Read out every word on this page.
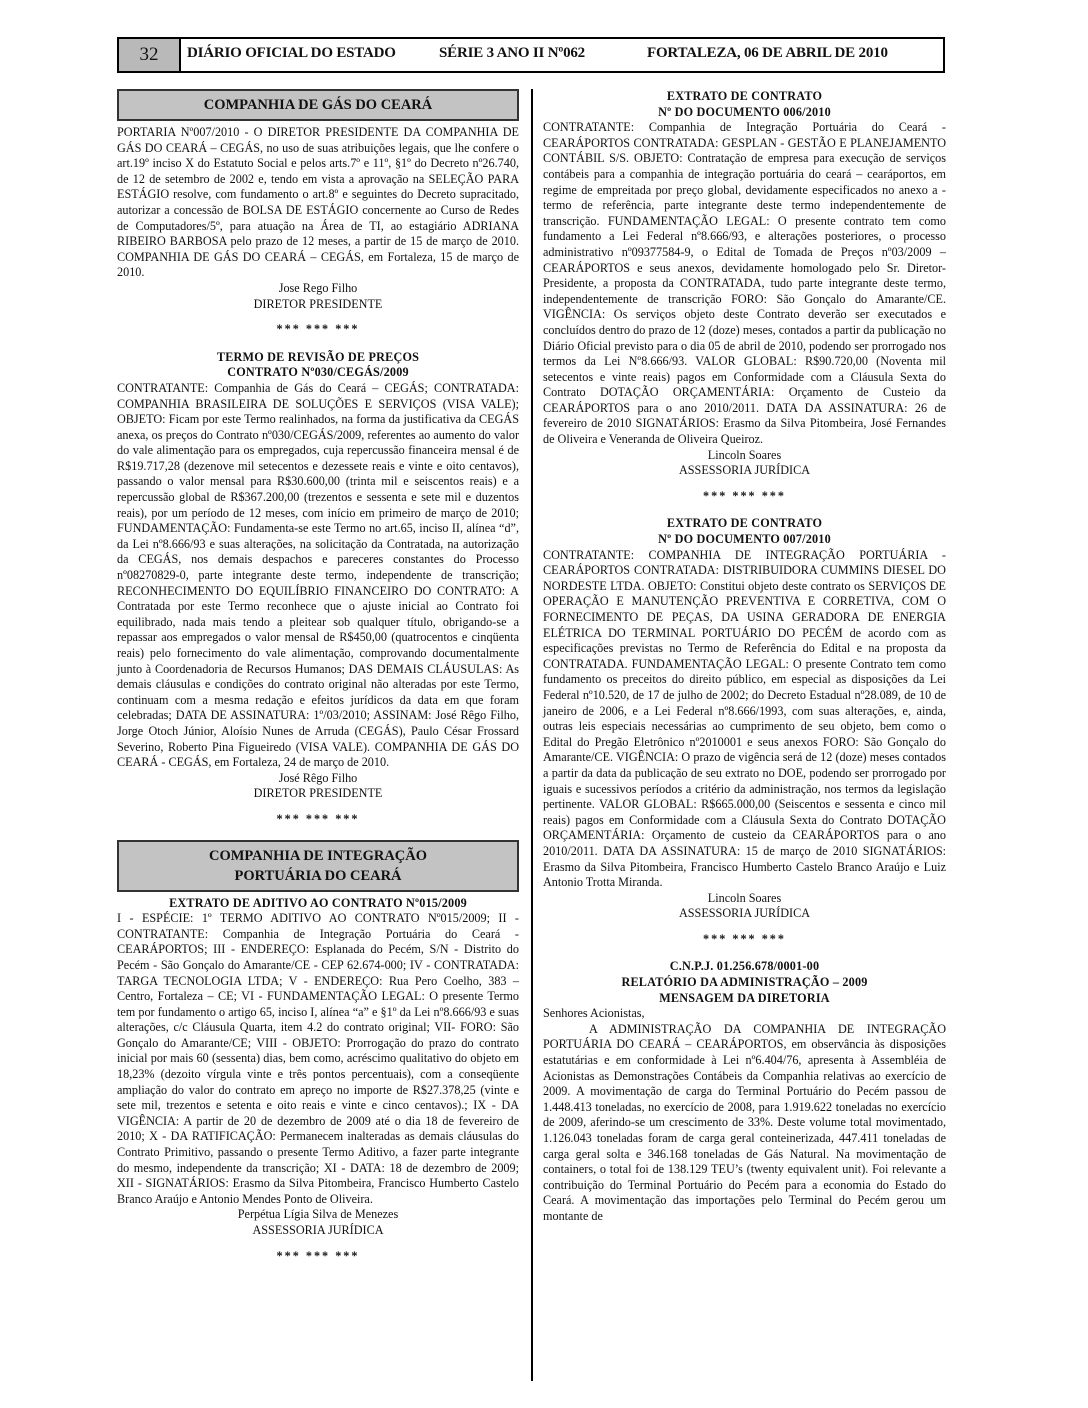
32	DIÁRIO OFICIAL DO ESTADO	SÉRIE 3 ANO II Nº062	FORTALEZA, 06 DE ABRIL DE 2010
COMPANHIA DE GÁS DO CEARÁ

PORTARIA Nº007/2010 - O DIRETOR PRESIDENTE DA COMPANHIA DE GÁS DO CEARÁ – CEGÁS, no uso de suas atribuições legais, que lhe confere o art.19º inciso X do Estatuto Social e pelos arts.7º e 11º, §1º do Decreto nº26.740, de 12 de setembro de 2002 e, tendo em vista a aprovação na SELEÇÃO PARA ESTÁGIO resolve, com fundamento o art.8º e seguintes do Decreto supracitado, autorizar a concessão de BOLSA DE ESTÁGIO concernente ao Curso de Redes de Computadores/5º, para atuação na Área de TI, ao estagiário ADRIANA RIBEIRO BARBOSA pelo prazo de 12 meses, a partir de 15 de março de 2010. COMPANHIA DE GÁS DO CEARÁ – CEGÁS, em Fortaleza, 15 de março de 2010.

Jose Rego Filho

DIRETOR PRESIDENTE

*** *** ***

TERMO DE REVISÃO DE PREÇOS

CONTRATO Nº030/CEGÁS/2009

CONTRATANTE: Companhia de Gás do Ceará – CEGÁS; CONTRATADA: COMPANHIA BRASILEIRA DE SOLUÇÕES E SERVIÇOS (VISA VALE); OBJETO: Ficam por este Termo realinhados, na forma da justificativa da CEGÁS anexa, os preços do Contrato nº030/CEGÁS/2009, referentes ao aumento do valor do vale alimentação para os empregados, cuja repercussão financeira mensal é de R$19.717,28 (dezenove mil setecentos e dezessete reais e vinte e oito centavos), passando o valor mensal para R$30.600,00 (trinta mil e seiscentos reais) e a repercussão global de R$367.200,00 (trezentos e sessenta e sete mil e duzentos reais), por um período de 12 meses, com início em primeiro de março de 2010; FUNDAMENTAÇÃO: Fundamenta-se este Termo no art.65, inciso II, alínea “d”, da Lei nº8.666/93 e suas alterações, na solicitação da Contratada, na autorização da CEGÁS, nos demais despachos e pareceres constantes do Processo nº08270829-0, parte integrante deste termo, independente de transcrição; RECONHECIMENTO DO EQUILÍBRIO FINANCEIRO DO CONTRATO: A Contratada por este Termo reconhece que o ajuste inicial ao Contrato foi equilibrado, nada mais tendo a pleitear sob qualquer título, obrigando-se a repassar aos empregados o valor mensal de R$450,00 (quatrocentos e cinqüenta reais) pelo fornecimento do vale alimentação, comprovando documentalmente junto à Coordenadoria de Recursos Humanos; DAS DEMAIS CLÁUSULAS: As demais cláusulas e condições do contrato original não alteradas por este Termo, continuam com a mesma redação e efeitos jurídicos da data em que foram celebradas; DATA DE ASSINATURA: 1º/03/2010; ASSINAM: José Rêgo Filho, Jorge Otoch Júnior, Aloísio Nunes de Arruda (CEGÁS), Paulo César Frossard Severino, Roberto Pina Figueiredo (VISA VALE). COMPANHIA DE GÁS DO CEARÁ - CEGÁS, em Fortaleza, 24 de março de 2010.

José Rêgo Filho

DIRETOR PRESIDENTE

*** *** ***
COMPANHIA DE INTEGRAÇÃO
PORTUÁRIA DO CEARÁ

EXTRATO DE ADITIVO AO CONTRATO Nº015/2009

I - ESPÉCIE: 1º TERMO ADITIVO AO CONTRATO Nº015/2009; II - CONTRATANTE: Companhia de Integração Portuária do Ceará - CEARÁPORTOS; III - ENDEREÇO: Esplanada do Pecém, S/N - Distrito do Pecém - São Gonçalo do Amarante/CE - CEP 62.674-000; IV - CONTRATADA: TARGA TECNOLOGIA LTDA; V - ENDEREÇO: Rua Pero Coelho, 383 – Centro, Fortaleza – CE; VI - FUNDAMENTAÇÃO LEGAL: O presente Termo tem por fundamento o artigo 65, inciso I, alínea “a” e §1º da Lei nº8.666/93 e suas alterações, c/c Cláusula Quarta, item 4.2 do contrato original; VII- FORO: São Gonçalo do Amarante/CE; VIII - OBJETO: Prorrogação do prazo do contrato inicial por mais 60 (sessenta) dias, bem como, acréscimo qualitativo do objeto em 18,23% (dezoito vírgula vinte e três pontos percentuais), com a conseqüente ampliação do valor do contrato em apreço no importe de R$27.378,25 (vinte e sete mil, trezentos e setenta e oito reais e vinte e cinco centavos).; IX - DA VIGÊNCIA: A partir de 20 de dezembro de 2009 até o dia 18 de fevereiro de 2010; X - DA RATIFICAÇÃO: Permanecem inalteradas as demais cláusulas do Contrato Primitivo, passando o presente Termo Aditivo, a fazer parte integrante do mesmo, independente da transcrição; XI - DATA: 18 de dezembro de 2009; XII - SIGNATÁRIOS: Erasmo da Silva Pitombeira, Francisco Humberto Castelo Branco Araújo e Antonio Mendes Ponto de Oliveira.

Perpétua Lígia Silva de Menezes

ASSESSORIA JURÍDICA

*** *** ***

EXTRATO DE CONTRATO

Nº DO DOCUMENTO 006/2010

CONTRATANTE: Companhia de Integração Portuária do Ceará - CEARÁPORTOS CONTRATADA: GESPLAN - GESTÃO E PLANEJAMENTO CONTÁBIL S/S. OBJETO: Contratação de empresa para execução de serviços contábeis para a companhia de integração portuária do ceará – cearáportos, em regime de empreitada por preço global, devidamente especificados no anexo a - termo de referência, parte integrante deste termo independentemente de transcrição. FUNDAMENTAÇÃO LEGAL: O presente contrato tem como fundamento a Lei Federal nº8.666/93, e alterações posteriores, o processo administrativo nº09377584-9, o Edital de Tomada de Preços nº03/2009 – CEARÁPORTOS e seus anexos, devidamente homologado pelo Sr. Diretor-Presidente, a proposta da CONTRATADA, tudo parte integrante deste termo, independentemente de transcrição FORO: São Gonçalo do Amarante/CE. VIGÊNCIA: Os serviços objeto deste Contrato deverão ser executados e concluídos dentro do prazo de 12 (doze) meses, contados a partir da publicação no Diário Oficial previsto para o dia 05 de abril de 2010, podendo ser prorrogado nos termos da Lei Nº8.666/93. VALOR GLOBAL: R$90.720,00 (Noventa mil setecentos e vinte reais) pagos em Conformidade com a Cláusula Sexta do Contrato DOTAÇÃO ORÇAMENTÁRIA: Orçamento de Custeio da CEARÁPORTOS para o ano 2010/2011. DATA DA ASSINATURA: 26 de fevereiro de 2010 SIGNATÁRIOS: Erasmo da Silva Pitombeira, José Fernandes de Oliveira e Veneranda de Oliveira Queiroz.

Lincoln Soares

ASSESSORIA JURÍDICA

*** *** ***

EXTRATO DE CONTRATO

Nº DO DOCUMENTO 007/2010

CONTRATANTE: COMPANHIA DE INTEGRAÇÃO PORTUÁRIA - CEARÁPORTOS CONTRATADA: DISTRIBUIDORA CUMMINS DIESEL DO NORDESTE LTDA. OBJETO: Constitui objeto deste contrato os SERVIÇOS DE OPERAÇÃO E MANUTENÇÃO PREVENTIVA E CORRETIVA, COM O FORNECIMENTO DE PEÇAS, DA USINA GERADORA DE ENERGIA ELÉTRICA DO TERMINAL PORTUÁRIO DO PECÉM de acordo com as especificações previstas no Termo de Referência do Edital e na proposta da CONTRATADA. FUNDAMENTAÇÃO LEGAL: O presente Contrato tem como fundamento os preceitos do direito público, em especial as disposições da Lei Federal nº10.520, de 17 de julho de 2002; do Decreto Estadual nº28.089, de 10 de janeiro de 2006, e a Lei Federal nº8.666/1993, com suas alterações, e, ainda, outras leis especiais necessárias ao cumprimento de seu objeto, bem como o Edital do Pregão Eletrônico nº2010001 e seus anexos FORO: São Gonçalo do Amarante/CE. VIGÊNCIA: O prazo de vigência será de 12 (doze) meses contados a partir da data da publicação de seu extrato no DOE, podendo ser prorrogado por iguais e sucessivos períodos a critério da administração, nos termos da legislação pertinente. VALOR GLOBAL: R$665.000,00 (Seiscentos e sessenta e cinco mil reais) pagos em Conformidade com a Cláusula Sexta do Contrato DOTAÇÃO ORÇAMENTÁRIA: Orçamento de custeio da CEARÁPORTOS para o ano 2010/2011. DATA DA ASSINATURA: 15 de março de 2010 SIGNATÁRIOS: Erasmo da Silva Pitombeira, Francisco Humberto Castelo Branco Araújo e Luiz Antonio Trotta Miranda.

Lincoln Soares

ASSESSORIA JURÍDICA

*** *** ***

C.N.P.J. 01.256.678/0001-00

RELATÓRIO DA ADMINISTRAÇÃO – 2009

MENSAGEM DA DIRETORIA

Senhores Acionistas,

A ADMINISTRAÇÃO DA COMPANHIA DE INTEGRAÇÃO PORTUÁRIA DO CEARÁ – CEARÁPORTOS, em observância às disposições estatutárias e em conformidade à Lei nº6.404/76, apresenta à Assembléia de Acionistas as Demonstrações Contábeis da Companhia relativas ao exercício de 2009. A movimentação de carga do Terminal Portuário do Pecém passou de 1.448.413 toneladas, no exercício de 2008, para 1.919.622 toneladas no exercício de 2009, aferindo-se um crescimento de 33%. Deste volume total movimentado, 1.126.043 toneladas foram de carga geral conteinerizada, 447.411 toneladas de carga geral solta e 346.168 toneladas de Gás Natural. Na movimentação de containers, o total foi de 138.129 TEU’s (twenty equivalent unit). Foi relevante a contribuição do Terminal Portuário do Pecém para a economia do Estado do Ceará. A movimentação das importações pelo Terminal do Pecém gerou um montante de
